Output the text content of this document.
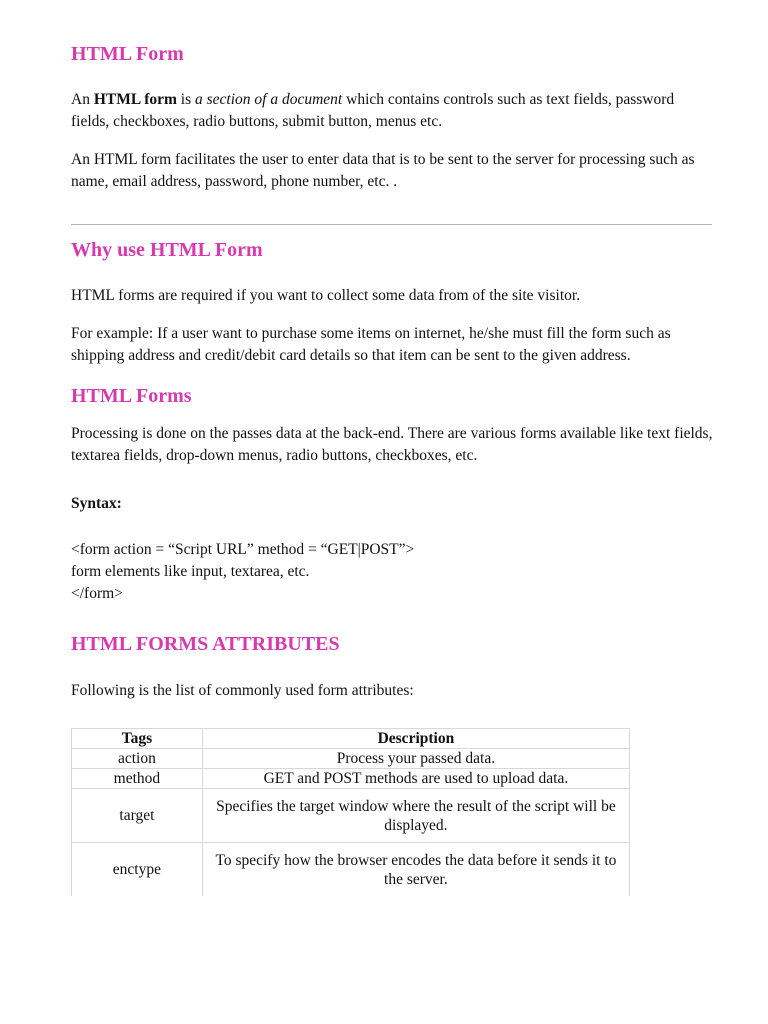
HTML Form

An HTML form is a section of a document which contains controls such as text fields, password fields, checkboxes, radio buttons, submit button, menus etc.

An HTML form facilitates the user to enter data that is to be sent to the server for processing such as name, email address, password, phone number, etc. .

Why use HTML Form

HTML forms are required if you want to collect some data from of the site visitor.

For example: If a user want to purchase some items on internet, he/she must fill the form such as shipping address and credit/debit card details so that item can be sent to the given address.

HTML Forms

Processing is done on the passes data at the back-end. There are various forms available like text fields, textarea fields, drop-down menus, radio buttons, checkboxes, etc.

Syntax:

<form action = “Script URL” method = “GET|POST”>
form elements like input, textarea, etc.
</form>
HTML FORMS ATTRIBUTES

Following is the list of commonly used form attributes:

Tags	Description
action	Process your passed data.
method	GET and POST methods are used to upload data.
target	Specifies the target window where the result of the script will be displayed.
enctype	To specify how the browser encodes the data before it sends it to the server.
